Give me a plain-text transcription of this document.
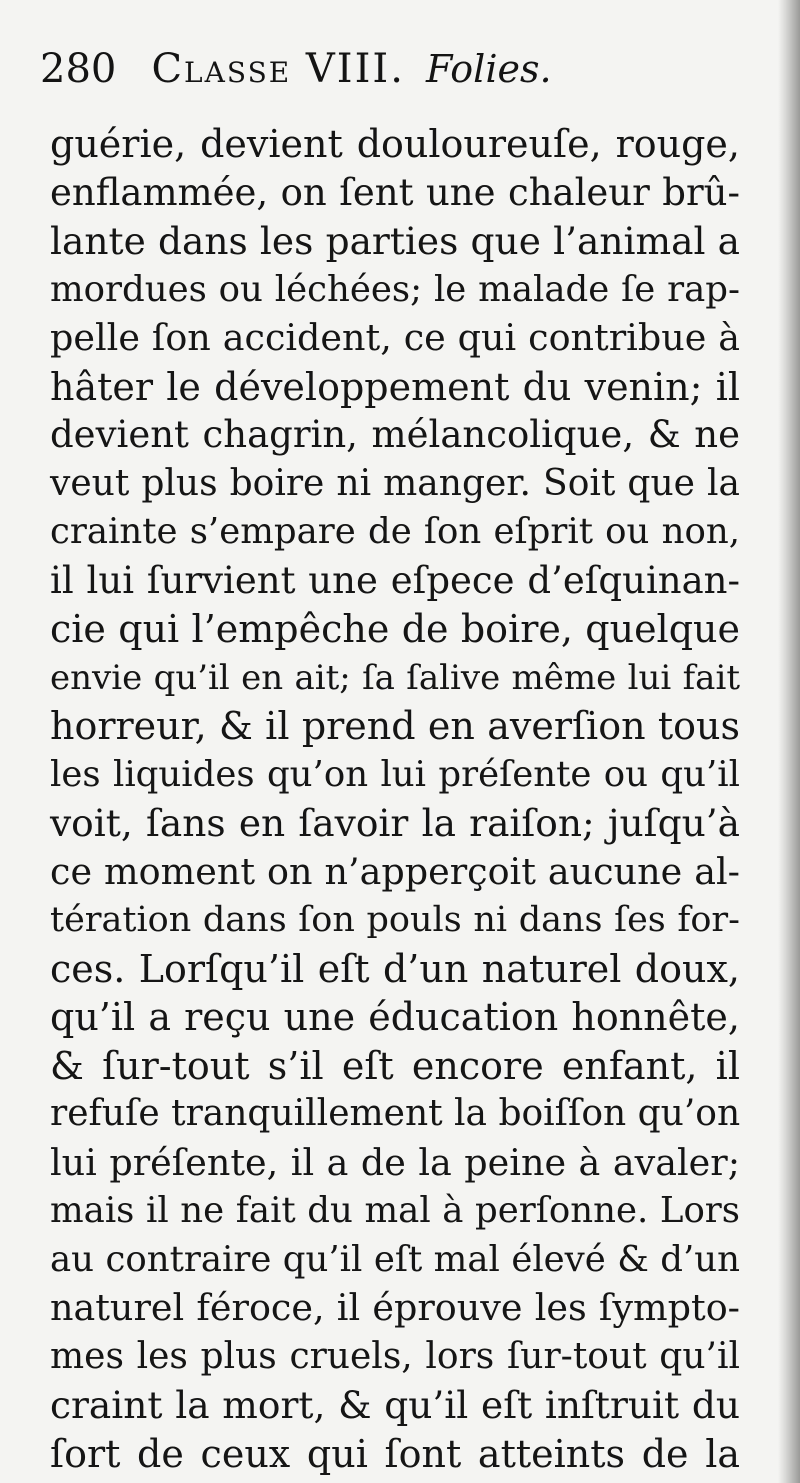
280 Classe VIII. Folies.
guérie, devient douloureuſe, rouge,
enflammée, on ſent une chaleur brû-
lante dans les parties que l’animal a
mordues ou léchées; le malade ſe rap-
pelle ſon accident, ce qui contribue à
hâter le développement du venin; il
devient chagrin, mélancolique, & ne
veut plus boire ni manger. Soit que la
crainte s’empare de ſon eſprit ou non,
il lui ſurvient une eſpece d’eſquinan-
cie qui l’empêche de boire, quelque
envie qu’il en ait; ſa ſalive même lui fait
horreur, & il prend en averſion tous
les liquides qu’on lui préſente ou qu’il
voit, ſans en ſavoir la raiſon; juſqu’à
ce moment on n’apperçoit aucune al-
tération dans ſon pouls ni dans ſes for-
ces. Lorſqu’il eſt d’un naturel doux,
qu’il a reçu une éducation honnête,
& ſur-tout s’il eſt encore enfant, il
refuſe tranquillement la boiſſon qu’on
lui préſente, il a de la peine à avaler;
mais il ne fait du mal à perſonne. Lors
au contraire qu’il eſt mal élevé & d’un
naturel féroce, il éprouve les ſympto-
mes les plus cruels, lors ſur-tout qu’il
craint la mort, & qu’il eſt inſtruit du
ſort de ceux qui ſont atteints de la
